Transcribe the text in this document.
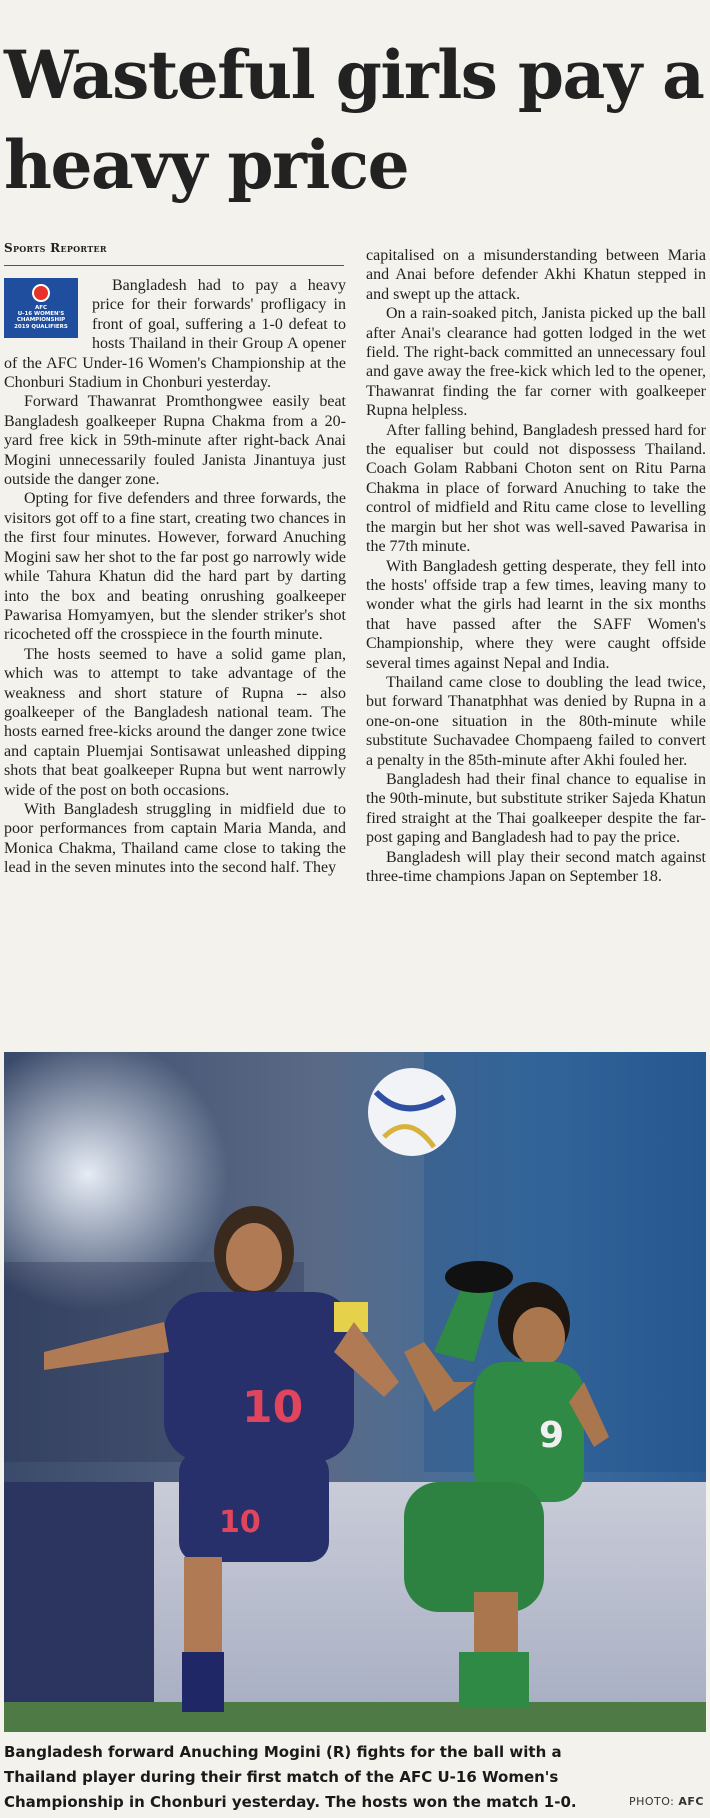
Wasteful girls pay a heavy price
Sports Reporter
AFC
U-16 WOMEN'S
CHAMPIONSHIP
2019 QUALIFIERS

Bangladesh had to pay a heavy price for their forwards' profligacy in front of goal, suffering a 1-0 defeat to hosts Thailand in their Group A opener of the AFC Under-16 Women's Championship at the Chonburi Stadium in Chonburi yesterday.

Forward Thawanrat Promthongwee easily beat Bangladesh goalkeeper Rupna Chakma from a 20-yard free kick in 59th-minute after right-back Anai Mogini unnecessarily fouled Janista Jinantuya just outside the danger zone.

Opting for five defenders and three forwards, the visitors got off to a fine start, creating two chances in the first four minutes. However, forward Anuching Mogini saw her shot to the far post go narrowly wide while Tahura Khatun did the hard part by darting into the box and beating onrushing goalkeeper Pawarisa Homyamyen, but the slender striker's shot ricocheted off the crosspiece in the fourth minute.

The hosts seemed to have a solid game plan, which was to attempt to take advantage of the weakness and short stature of Rupna -- also goalkeeper of the Bangladesh national team. The hosts earned free-kicks around the danger zone twice and captain Pluemjai Sontisawat unleashed dipping shots that beat goalkeeper Rupna but went narrowly wide of the post on both occasions.

With Bangladesh struggling in midfield due to poor performances from captain Maria Manda, and Monica Chakma, Thailand came close to taking the lead in the seven minutes into the second half. They

capitalised on a misunderstanding between Maria and Anai before defender Akhi Khatun stepped in and swept up the attack.

On a rain-soaked pitch, Janista picked up the ball after Anai's clearance had gotten lodged in the wet field. The right-back committed an unnecessary foul and gave away the free-kick which led to the opener, Thawanrat finding the far corner with goalkeeper Rupna helpless.

After falling behind, Bangladesh pressed hard for the equaliser but could not dispossess Thailand. Coach Golam Rabbani Choton sent on Ritu Parna Chakma in place of forward Anuching to take the control of midfield and Ritu came close to levelling the margin but her shot was well-saved Pawarisa in the 77th minute.

With Bangladesh getting desperate, they fell into the hosts' offside trap a few times, leaving many to wonder what the girls had learnt in the six months that have passed after the SAFF Women's Championship, where they were caught offside several times against Nepal and India.

Thailand came close to doubling the lead twice, but forward Thanatphhat was denied by Rupna in a one-on-one situation in the 80th-minute while substitute Suchavadee Chompaeng failed to convert a penalty in the 85th-minute after Akhi fouled her.

Bangladesh had their final chance to equalise in the 90th-minute, but substitute striker Sajeda Khatun fired straight at the Thai goalkeeper despite the far-post gaping and Bangladesh had to pay the price.

Bangladesh will play their second match against three-time champions Japan on September 18.

10
10
9

Bangladesh forward Anuching Mogini (R) fights for the ball with a Thailand player during their first match of the AFC U-16 Women's Championship in Chonburi yesterday. The hosts won the match 1-0.	PHOTO: AFC
